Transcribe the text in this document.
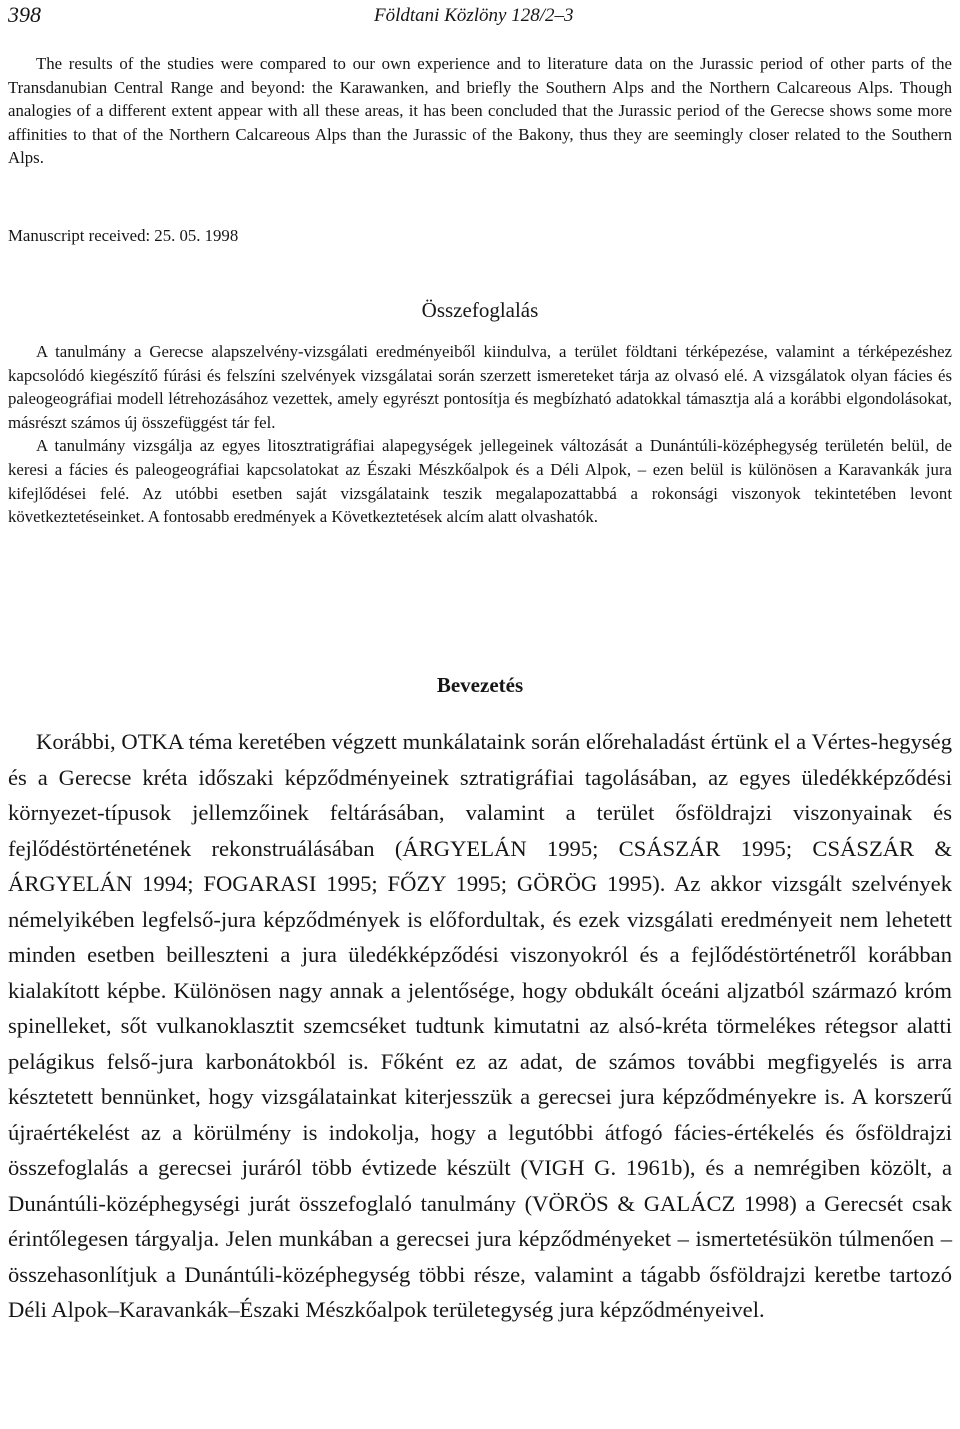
398	Földtani Közlöny 128/2–3

The results of the studies were compared to our own experience and to literature data on the Jurassic period of other parts of the Transdanubian Central Range and beyond: the Karawanken, and briefly the Southern Alps and the Northern Calcareous Alps. Though analogies of a different extent appear with all these areas, it has been concluded that the Jurassic period of the Gerecse shows some more affinities to that of the Northern Calcareous Alps than the Jurassic of the Bakony, thus they are seemingly closer related to the Southern Alps.

Manuscript received: 25. 05. 1998

Összefoglalás

A tanulmány a Gerecse alapszelvény-vizsgálati eredményeiből kiindulva, a terület földtani térképezése, valamint a térképezéshez kapcsolódó kiegészítő fúrási és felszíni szelvények vizsgálatai során szerzett ismereteket tárja az olvasó elé. A vizsgálatok olyan fácies és paleogeográfiai modell létrehozásához vezettek, amely egyrészt pontosítja és megbízható adatokkal támasztja alá a korábbi elgondolásokat, másrészt számos új összefüggést tár fel.

A tanulmány vizsgálja az egyes litosztratigráfiai alapegységek jellegeinek változását a Dunántúli-középhegység területén belül, de keresi a fácies és paleogeográfiai kapcsolatokat az Északi Mészkőalpok és a Déli Alpok, – ezen belül is különösen a Karavankák jura kifejlődései felé. Az utóbbi esetben saját vizsgálataink teszik megalapozattabbá a rokonsági viszonyok tekintetében levont következtetéseinket. A fontosabb eredmények a Következtetések alcím alatt olvashatók.

Bevezetés

Korábbi, OTKA téma keretében végzett munkálataink során előrehaladást értünk el a Vértes-hegység és a Gerecse kréta időszaki képződményeinek sztratigráfiai tagolásában, az egyes üledékképződési környezet-típusok jellemzőinek feltárásában, valamint a terület ősföldrajzi viszonyainak és fejlődéstörténetének rekonstruálásában (ÁRGYELÁN 1995; CSÁSZÁR 1995; CSÁSZÁR & ÁRGYELÁN 1994; FOGARASI 1995; FŐZY 1995; GÖRÖG 1995). Az akkor vizsgált szelvények némelyikében legfelső-jura képződmények is előfordultak, és ezek vizsgálati eredményeit nem lehetett minden esetben beilleszteni a jura üledékképződési viszonyokról és a fejlődéstörténetről korábban kialakított képbe. Különösen nagy annak a jelentősége, hogy obdukált óceáni aljzatból származó króm spinelleket, sőt vulkanoklasztit szemcséket tudtunk kimutatni az alsó-kréta törmelékes rétegsor alatti pelágikus felső-jura karbonátokból is. Főként ez az adat, de számos további megfigyelés is arra késztetett bennünket, hogy vizsgálatainkat kiterjesszük a gerecsei jura képződményekre is. A korszerű újraértékelést az a körülmény is indokolja, hogy a legutóbbi átfogó fácies-értékelés és ősföldrajzi összefoglalás a gerecsei juráról több évtizede készült (VIGH G. 1961b), és a nemrégiben közölt, a Dunántúli-középhegységi jurát összefoglaló tanulmány (VÖRÖS & GALÁCZ 1998) a Gerecsét csak érintőlegesen tárgyalja. Jelen munkában a gerecsei jura képződményeket – ismertetésükön túlmenően – összehasonlítjuk a Dunántúli-középhegység többi része, valamint a tágabb ősföldrajzi keretbe tartozó Déli Alpok–Karavankák–Északi Mészkőalpok területegység jura képződményeivel.
